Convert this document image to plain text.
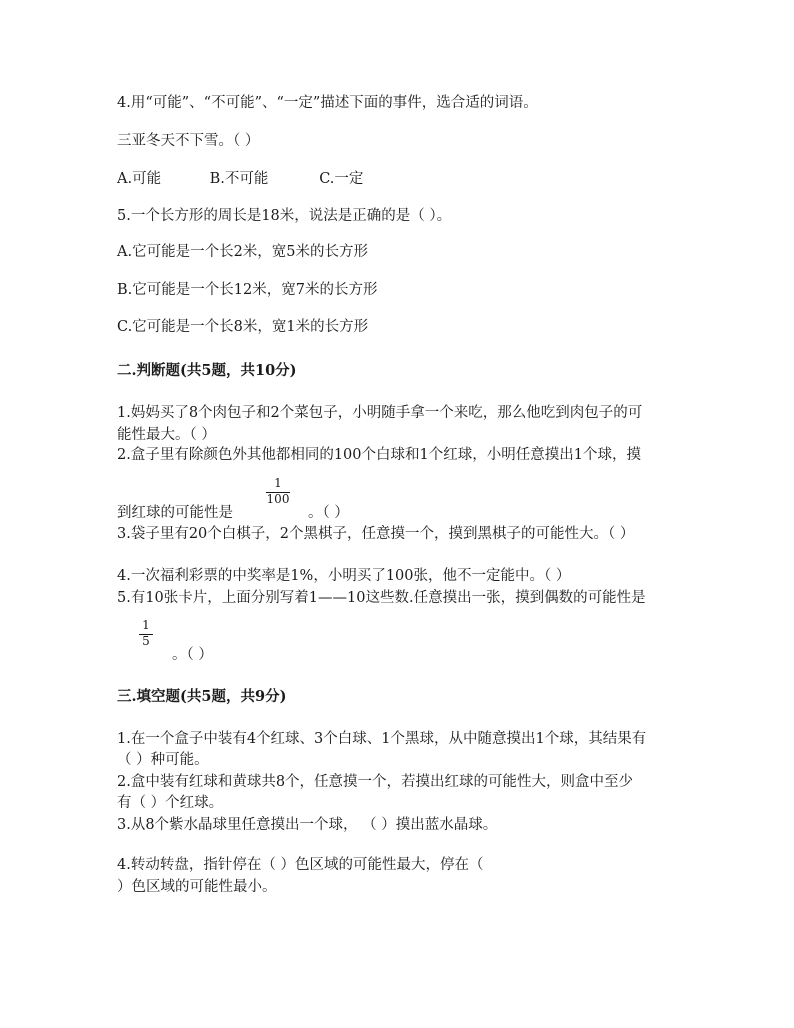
4.用“可能”、“不可能”、“一定”描述下面的事件，选合适的词语。
三亚冬天不下雪。（ ）
A.可能	B.不可能	C.一定
5.一个长方形的周长是18米，说法是正确的是（ ）。
A.它可能是一个长2米，宽5米的长方形
B.它可能是一个长12米，宽7米的长方形
C.它可能是一个长8米，宽1米的长方形
二.判断题(共5题，共10分)
1.妈妈买了8个肉包子和2个菜包子，小明随手拿一个来吃，那么他吃到肉包子的可
能性最大。（ ）
2.盒子里有除颜色外其他都相同的100个白球和1个红球，小明任意摸出1个球，摸
1
100
到红球的可能性是	。（ ）
3.袋子里有20个白棋子，2个黑棋子，任意摸一个，摸到黑棋子的可能性大。（ ）
4.一次福利彩票的中奖率是1%，小明买了100张，他不一定能中。（ ）
5.有10张卡片，上面分别写着1——10这些数.任意摸出一张，摸到偶数的可能性是
1
5
。（ ）
三.填空题(共5题，共9分)
1.在一个盒子中装有4个红球、3个白球、1个黑球，从中随意摸出1个球，其结果有
（ ）种可能。
2.盒中装有红球和黄球共8个，任意摸一个，若摸出红球的可能性大，则盒中至少
有（ ）个红球。
3.从8个紫水晶球里任意摸出一个球， （ ）摸出蓝水晶球。
4.转动转盘，指针停在（ ）色区域的可能性最大，停在（
）色区域的可能性最小。
